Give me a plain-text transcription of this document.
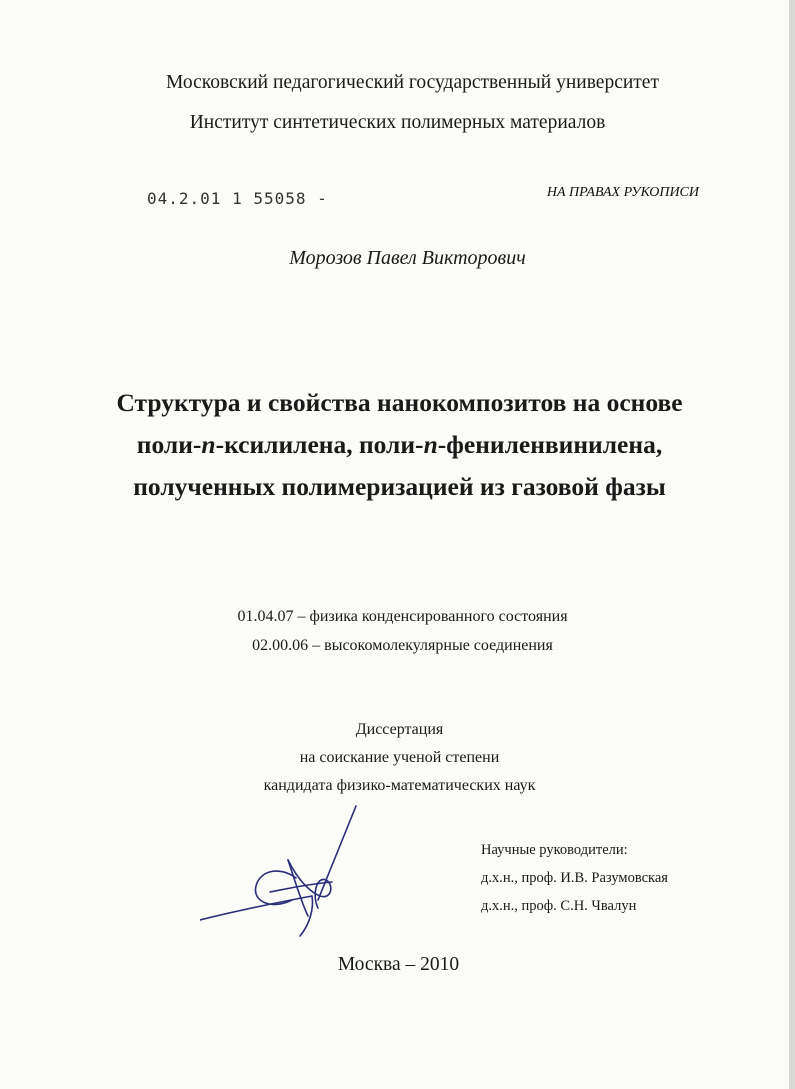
Московский педагогический государственный университет
Институт синтетических полимерных материалов
04.2.01 1 55058 -	НА ПРАВАХ РУКОПИСИ
Морозов Павел Викторович
Структура и свойства нанокомпозитов на основе
поли-п-ксилилена, поли-п-фениленвинилена,
полученных полимеризацией из газовой фазы
01.04.07 – физика конденсированного состояния
02.00.06 – высокомолекулярные соединения
Диссертация
на соискание ученой степени
кандидата физико-математических наук
Научные руководители:
д.х.н., проф. И.В. Разумовская
д.х.н., проф. С.Н. Чвалун
Москва – 2010
